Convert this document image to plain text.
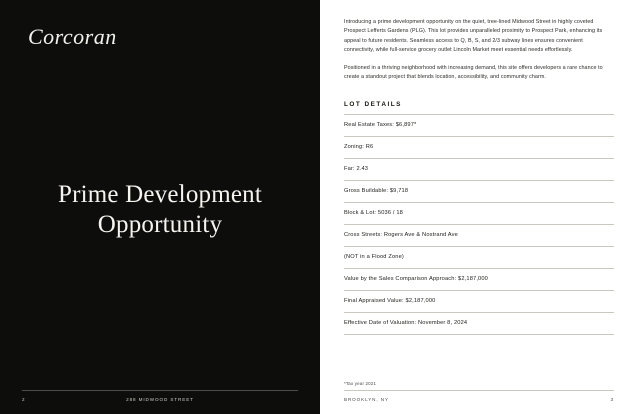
Corcoran
Prime Development
Opportunity
2	288 MIDWOOD STREET

Introducing a prime development opportunity on the quiet, tree-lined Midwood Street in highly coveted Prospect Lefferts Gardens (PLG). This lot provides unparalleled proximity to Prospect Park, enhancing its appeal to future residents. Seamless access to Q, B, S, and 2/3 subway lines ensures convenient connectivity, while full-service grocery outlet Lincoln Market meet essential needs effortlessly.

Positioned in a thriving neighborhood with increasing demand, this site offers developers a rare chance to create a standout project that blends location, accessibility, and community charm.

LOT DETAILS
Real Estate Taxes: $6,897*
Zoning: R6
Far: 2.43
Gross Buildable: $9,718
Block & Lot: 5036 / 18
Cross Streets: Rogers Ave & Nostrand Ave
(NOT in a Flood Zone)
Value by the Sales Comparison Approach: $2,187,000
Final Appraised Value: $2,187,000
Effective Date of Valuation: November 8, 2024
*Tax year 2021
BROOKLYN, NY	3
